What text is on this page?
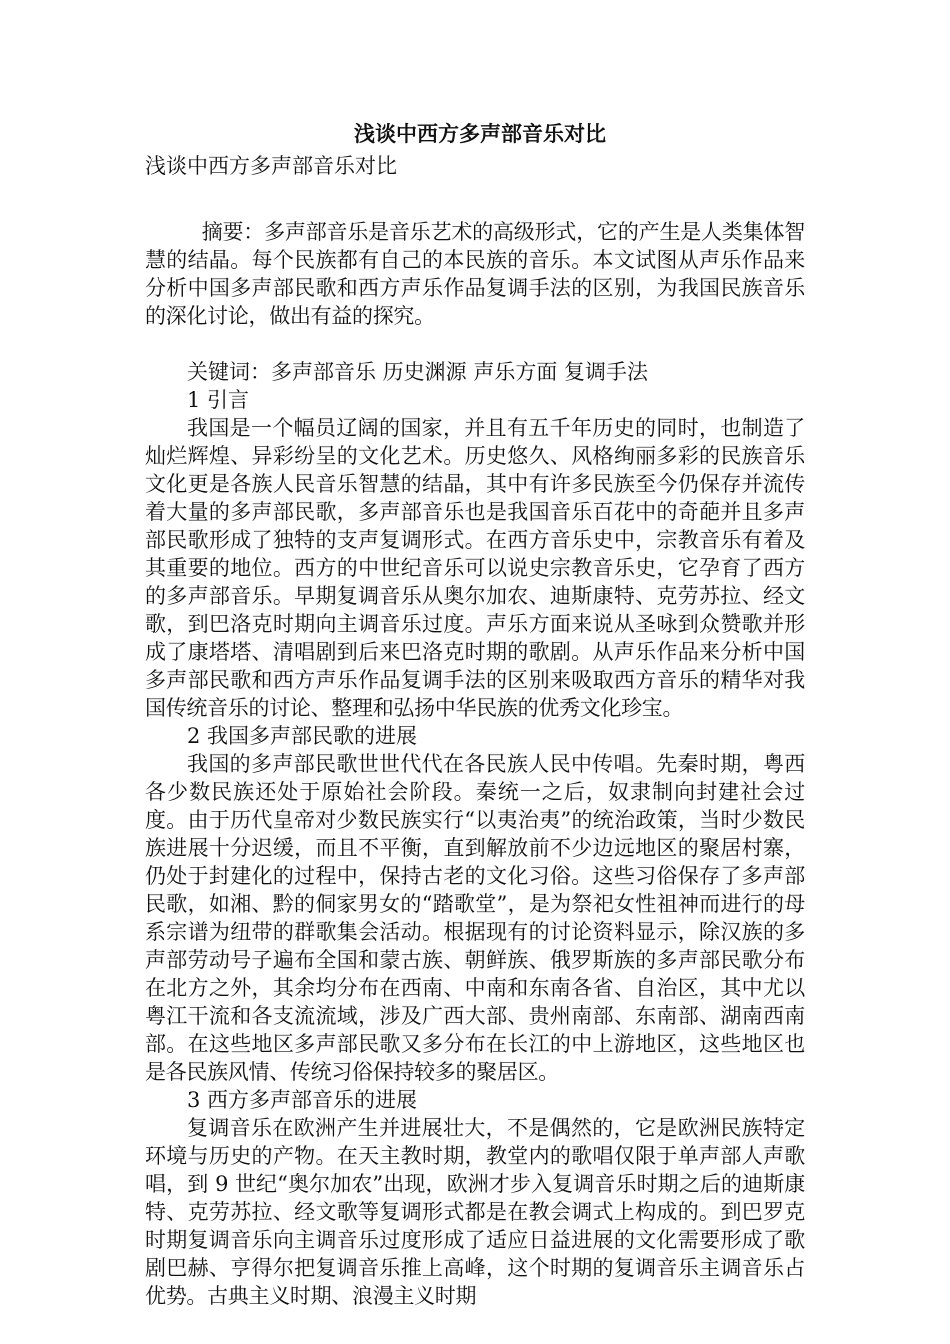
浅谈中西方多声部音乐对比

浅谈中西方多声部音乐对比

摘要：多声部音乐是音乐艺术的高级形式，它的产生是人类集体智慧的结晶。每个民族都有自己的本民族的音乐。本文试图从声乐作品来分析中国多声部民歌和西方声乐作品复调手法的区别，为我国民族音乐的深化讨论，做出有益的探究。

关键词：多声部音乐 历史渊源 声乐方面 复调手法

1 引言

我国是一个幅员辽阔的国家，并且有五千年历史的同时，也制造了灿烂辉煌、异彩纷呈的文化艺术。历史悠久、风格绚丽多彩的民族音乐文化更是各族人民音乐智慧的结晶，其中有许多民族至今仍保存并流传着大量的多声部民歌，多声部音乐也是我国音乐百花中的奇葩并且多声部民歌形成了独特的支声复调形式。在西方音乐史中，宗教音乐有着及其重要的地位。西方的中世纪音乐可以说史宗教音乐史，它孕育了西方的多声部音乐。早期复调音乐从奥尔加农、迪斯康特、克劳苏拉、经文歌，到巴洛克时期向主调音乐过度。声乐方面来说从圣咏到众赞歌并形成了康塔塔、清唱剧到后来巴洛克时期的歌剧。从声乐作品来分析中国多声部民歌和西方声乐作品复调手法的区别来吸取西方音乐的精华对我国传统音乐的讨论、整理和弘扬中华民族的优秀文化珍宝。

2 我国多声部民歌的进展

我国的多声部民歌世世代代在各民族人民中传唱。先秦时期，粤西各少数民族还处于原始社会阶段。秦统一之后，奴隶制向封建社会过度。由于历代皇帝对少数民族实行“以夷治夷”的统治政策，当时少数民族进展十分迟缓，而且不平衡，直到解放前不少边远地区的聚居村寨，仍处于封建化的过程中，保持古老的文化习俗。这些习俗保存了多声部民歌，如湘、黔的侗家男女的“踏歌堂”，是为祭祀女性祖神而进行的母系宗谱为纽带的群歌集会活动。根据现有的讨论资料显示，除汉族的多声部劳动号子遍布全国和蒙古族、朝鲜族、俄罗斯族的多声部民歌分布在北方之外，其余均分布在西南、中南和东南各省、自治区，其中尤以粤江干流和各支流流域，涉及广西大部、贵州南部、东南部、湖南西南部。在这些地区多声部民歌又多分布在长江的中上游地区，这些地区也是各民族风情、传统习俗保持较多的聚居区。

3 西方多声部音乐的进展

复调音乐在欧洲产生并进展壮大，不是偶然的，它是欧洲民族特定环境与历史的产物。在天主教时期，教堂内的歌唱仅限于单声部人声歌唱，到 9 世纪“奥尔加农”出现，欧洲才步入复调音乐时期之后的迪斯康特、克劳苏拉、经文歌等复调形式都是在教会调式上构成的。到巴罗克时期复调音乐向主调音乐过度形成了适应日益进展的文化需要形成了歌剧巴赫、亨得尔把复调音乐推上高峰，这个时期的复调音乐主调音乐占优势。古典主义时期、浪漫主义时期
